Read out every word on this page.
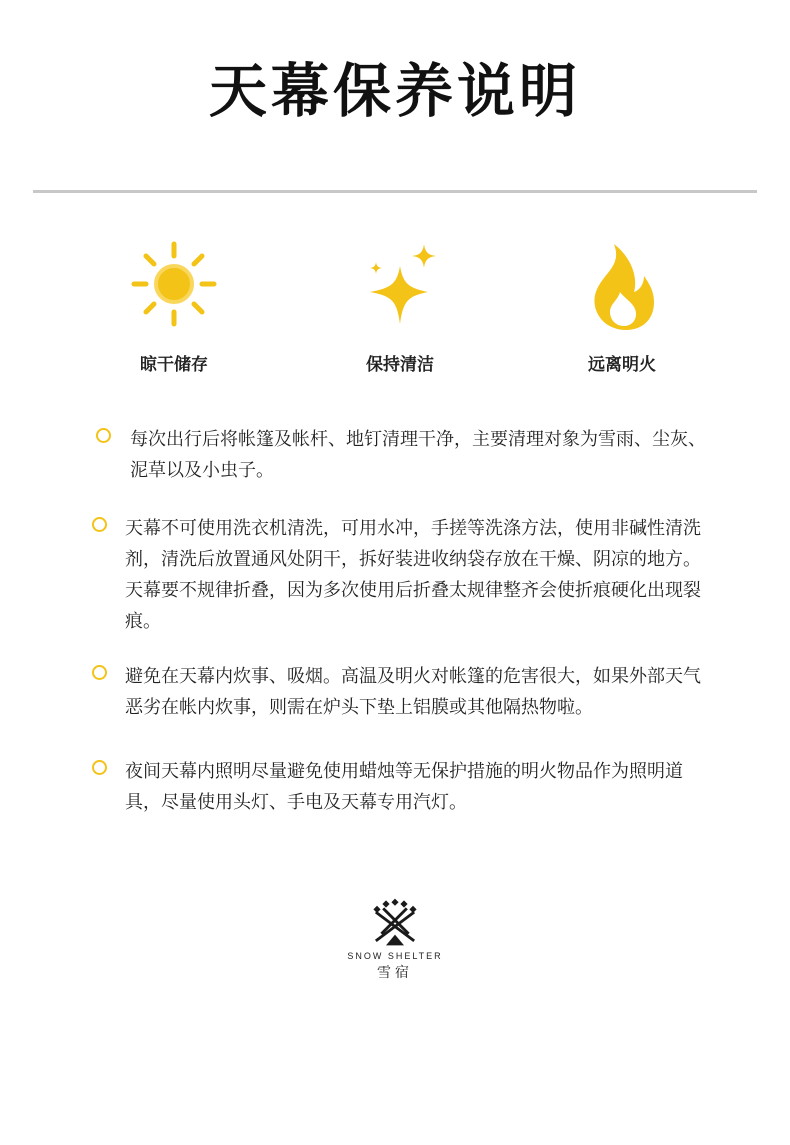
天幕保养说明
晾干储存	保持清洁	远离明火
每次出行后将帐篷及帐杆、地钉清理干净，主要清理对象为雪雨、尘灰、泥草以及小虫子。
天幕不可使用洗衣机清洗，可用水冲，手搓等洗涤方法，使用非碱性清洗剂，清洗后放置通风处阴干，拆好装进收纳袋存放在干燥、阴凉的地方。天幕要不规律折叠，因为多次使用后折叠太规律整齐会使折痕硬化出现裂痕。
避免在天幕内炊事、吸烟。高温及明火对帐篷的危害很大，如果外部天气恶劣在帐内炊事，则需在炉头下垫上铝膜或其他隔热物啦。
夜间天幕内照明尽量避免使用蜡烛等无保护措施的明火物品作为照明道具，尽量使用头灯、手电及天幕专用汽灯。
SNOW SHELTER
雪宿
